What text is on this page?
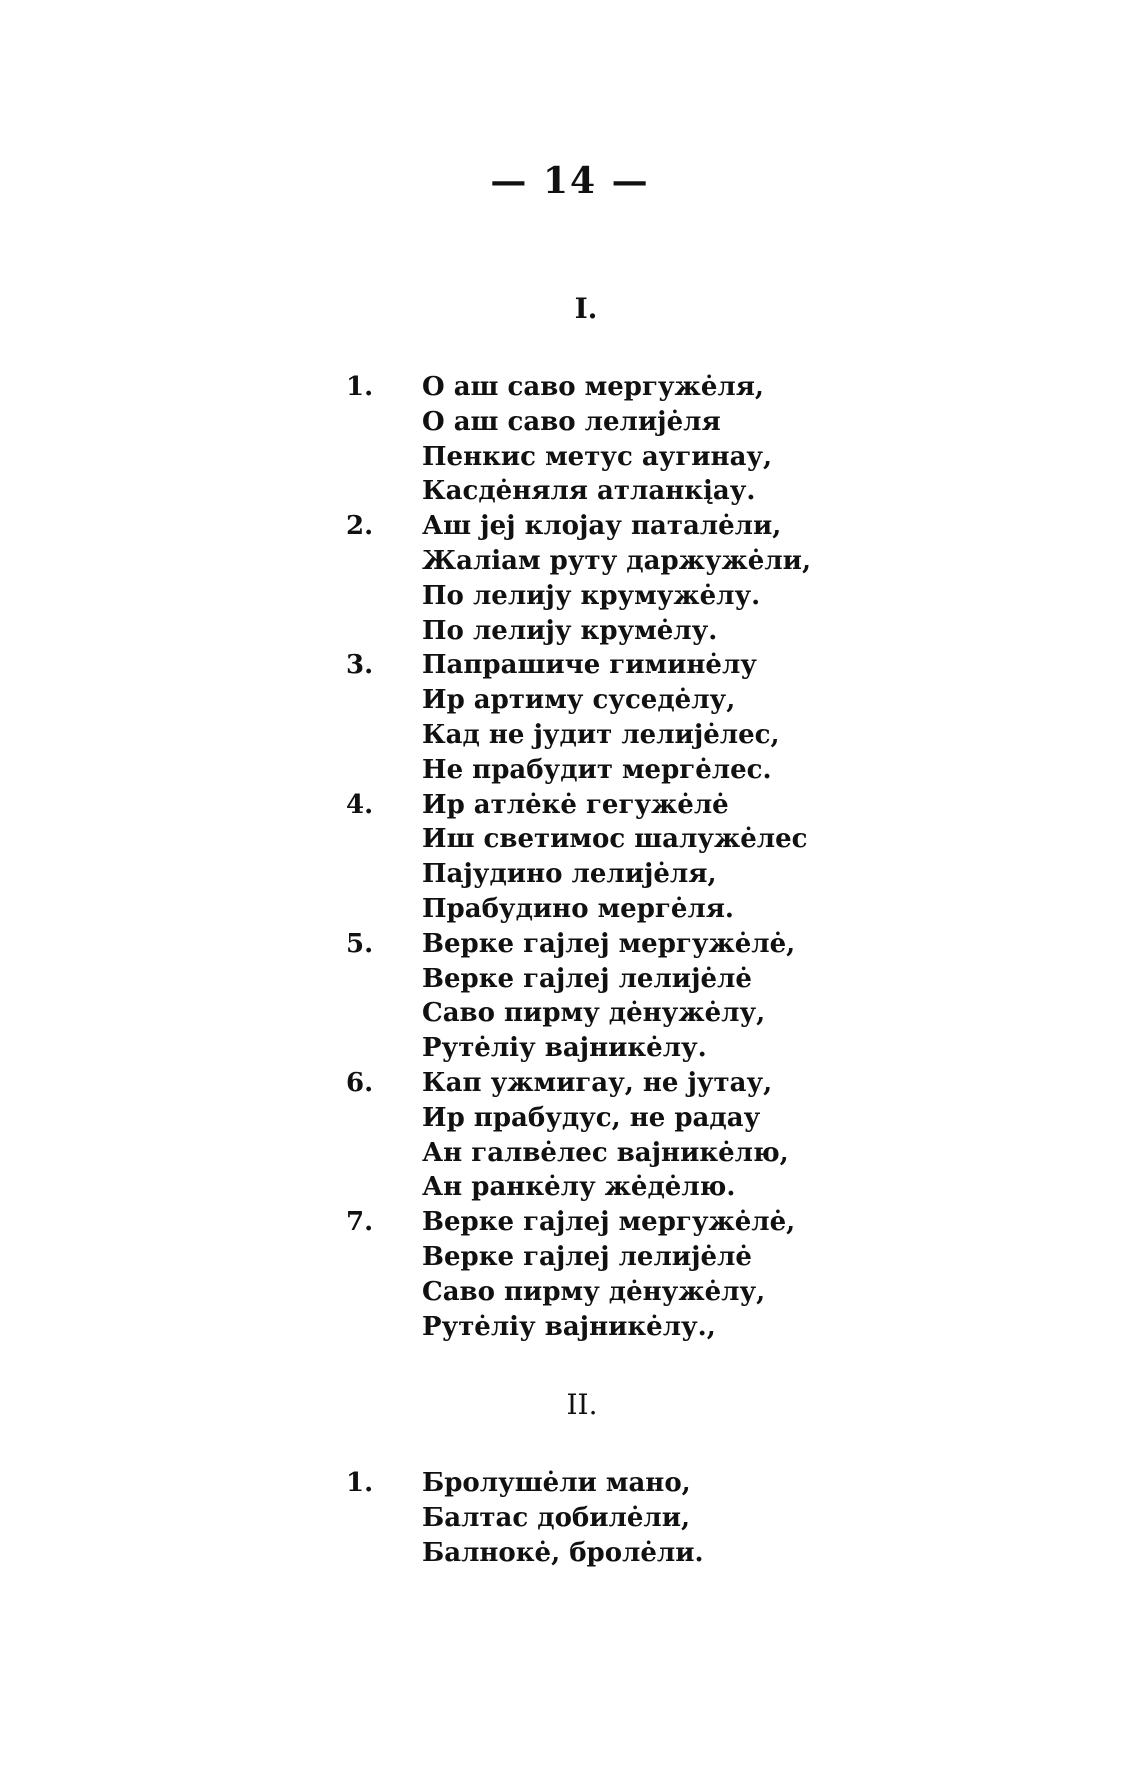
— 14 —
I.
1. О аш саво мергужėля,
О аш саво лелијėля
Пенкис метус аугинау,
Касдėняля атланкįау.
2. Аш јеј клојау паталėли,
Жалiам руту даржужėли,
По лелију крумужėлу.
По лелију крумėлу.
3. Папрашиче гиминėлу
Ир артиму суседėлу,
Кад не јудит лелијėлес,
Не прабудит мергėлес.
4. Ир атлėкė гегужėлė
Иш светимос шалужėлес
Пајудино лелијėля,
Прабудино мергėля.
5. Верке гајлеј мергужėлė,
Верке гајлеј лелијėлė
Саво пирму дėнужėлу,
Рутėлiу вајникėлу.
6. Кап ужмигау, не јутау,
Ир прабудус, не радау
Ан галвėлес вајникėлю,
Ан ранкėлу жėдėлю.
7. Верке гајлеј мергужėлė,
Верке гајлеј лелијėлė
Саво пирму дėнужėлу,
Рутėлiу вајникėлу.,
II.
1. Бролушėли мано,
Балтас добилėли,
Балнокė, бролėли.
